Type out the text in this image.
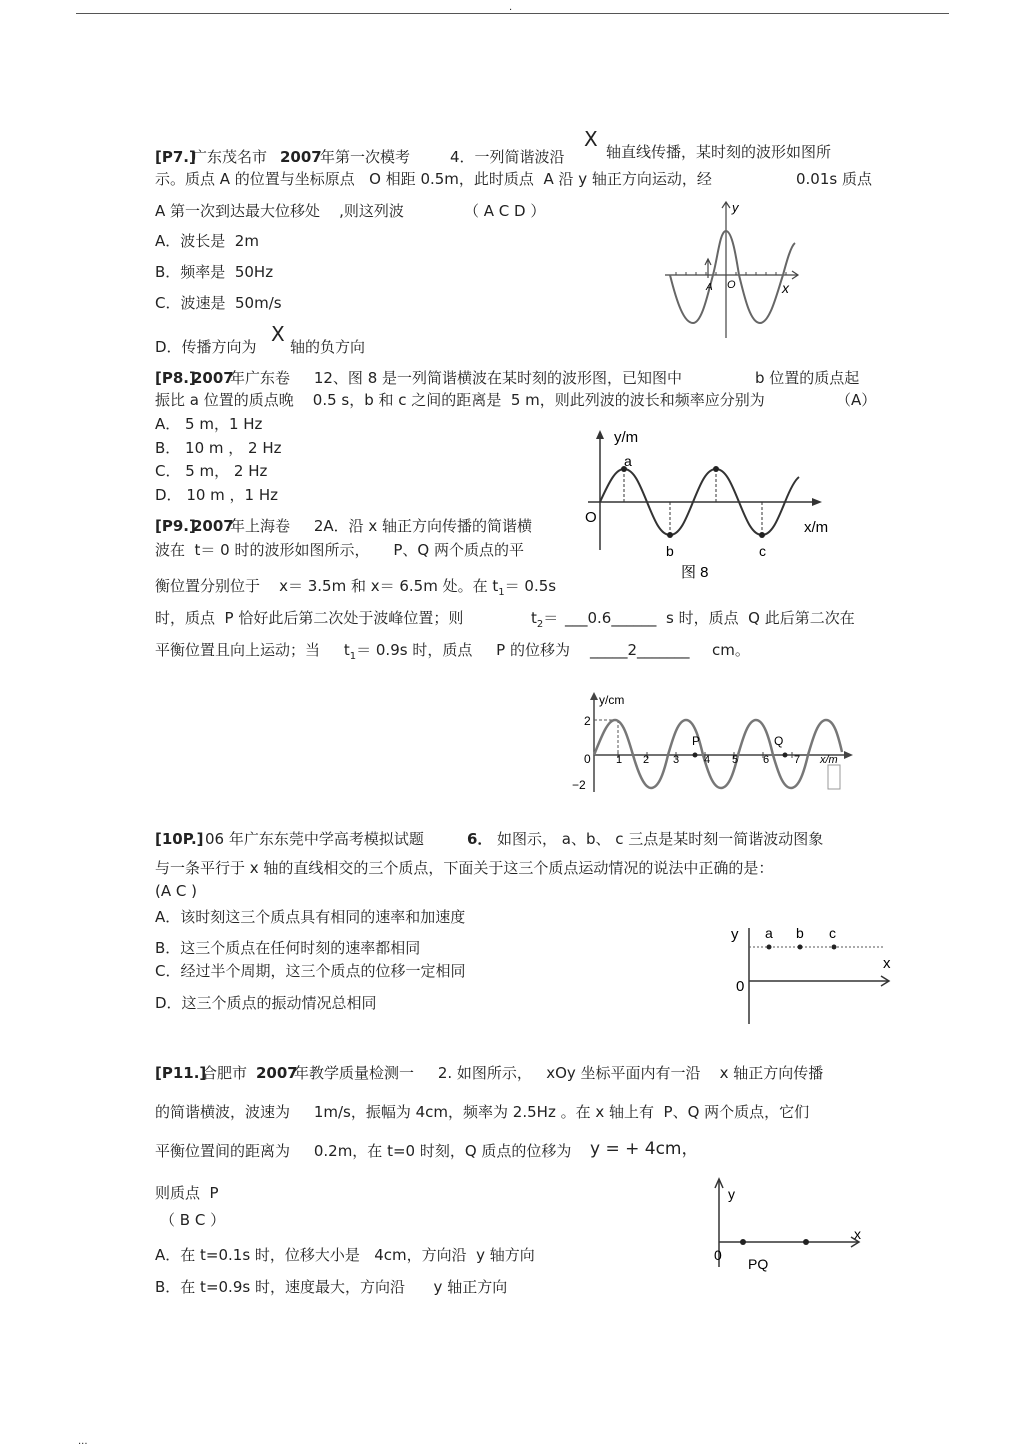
.
...
[P7.]
广东茂名市 2007
年第一次模考	4．一列简谐波沿
X
轴直线传播，某时刻的波形如图所
示。质点 A 的位置与坐标原点   O 相距 0.5m，此时质点  A 沿 y 轴正方向运动，经	0.01s 质点
A 第一次到达最大位移处    ,则这列波	（ A C D ）
A．波长是  2m
B．频率是  50Hz
C．波速是  50m/s
D．传播方向为
X
轴的负方向
A O
y
x
[P8.]
2007
年广东卷     12、图 8 是一列简谐横波在某时刻的波形图，已知图中	b 位置的质点起
振比 a 位置的质点晚    0.5 s，b 和 c 之间的距离是  5 m，则此列波的波长和频率应分别为	（A）
A． 5 m，1 Hz
B． 10 m ， 2 Hz
C． 5 m， 2 Hz
D． 10 m ，1 Hz
a
b	c
y/m
x/m
O
图 8
[P9.]
2007
年上海卷     2A．沿 x 轴正方向传播的简谐横
波在  t＝ 0 时的波形如图所示，     P、Q 两个质点的平
衡位置分别位于    x＝ 3.5m 和 x＝ 6.5m 处。在 $t_1= 0.5s$
时，质点  P 恰好此后第二次处于波峰位置；则	$t_2=$ ___0.6______ s 时，质点  Q 此后第二次在
平衡位置且向上运动；当     $t_1= 0.9s$ 时，质点     P 的位移为 _____2_______ cm。
1 2 3 4 5 6 7
P	Q
y/cm
x/m
2
0
−2
[10P.] 06 年广东东莞中学高考模拟试题	6． 如图示， a、b、 c 三点是某时刻一简谐波动图象
与一条平行于 x 轴的直线相交的三个质点，下面关于这三个质点运动情况的说法中正确的是：
(A C )
A．该时刻这三个质点具有相同的速率和加速度
B．这三个质点在任何时刻的速率都相同
C．经过半个周期，这三个质点的位移一定相同
D．这三个质点的振动情况总相同
y a b c
x
0
[P11.]
合肥市 2007
年教学质量检测一     2. 如图所示，   xOy 坐标平面内有一沿    x 轴正方向传播
的简谐横波，波速为     1m/s，振幅为 4cm，频率为 2.5Hz 。在 x 轴上有  P、Q 两个质点，它们
平衡位置间的距离为     0.2m，在 t=0 时刻，Q 质点的位移为 y = + 4cm，
则质点  P
（ B C ）
A．在 t=0.1s 时，位移大小是   4cm，方向沿  y 轴方向
B．在 t=0.9s 时，速度最大，方向沿      y 轴正方向
y
x
0
PQ
